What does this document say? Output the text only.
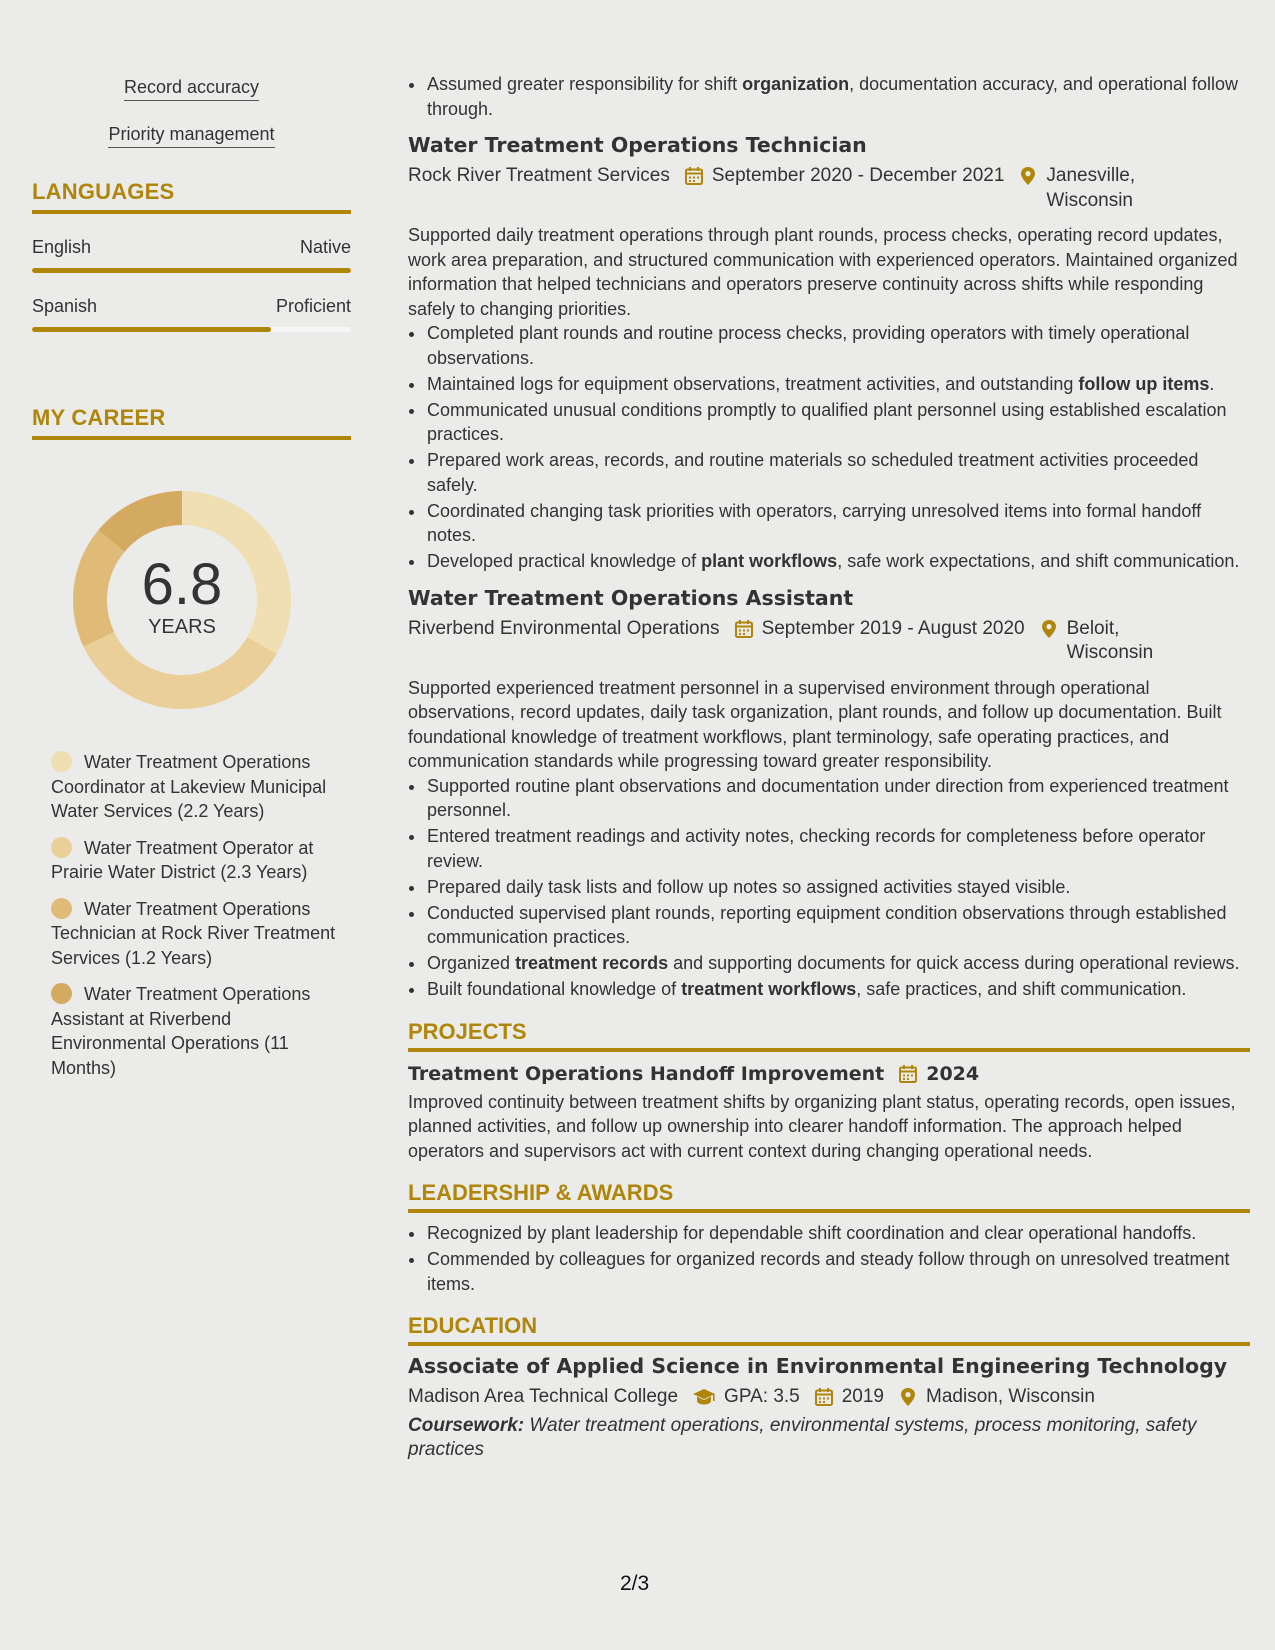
Record accuracy
Priority management
LANGUAGES
English	Native
Spanish	Proficient
MY CAREER
6.8
YEARS
Water Treatment Operations Coordinator at Lakeview Municipal Water Services (2.2 Years)
Water Treatment Operator at Prairie Water District (2.3 Years)
Water Treatment Operations Technician at Rock River Treatment Services (1.2 Years)
Water Treatment Operations Assistant at Riverbend Environmental Operations (11 Months)
• Assumed greater responsibility for shift organization, documentation accuracy, and operational follow through.
Water Treatment Operations Technician
Rock River Treatment Services September 2020 - December 2021 Janesville, Wisconsin
Supported daily treatment operations through plant rounds, process checks, operating record updates, work area preparation, and structured communication with experienced operators. Maintained organized information that helped technicians and operators preserve continuity across shifts while responding safely to changing priorities.
• Completed plant rounds and routine process checks, providing operators with timely operational observations.
• Maintained logs for equipment observations, treatment activities, and outstanding follow up items.
• Communicated unusual conditions promptly to qualified plant personnel using established escalation practices.
• Prepared work areas, records, and routine materials so scheduled treatment activities proceeded safely.
• Coordinated changing task priorities with operators, carrying unresolved items into formal handoff notes.
• Developed practical knowledge of plant workflows, safe work expectations, and shift communication.
Water Treatment Operations Assistant
Riverbend Environmental Operations September 2019 - August 2020 Beloit, Wisconsin
Supported experienced treatment personnel in a supervised environment through operational observations, record updates, daily task organization, plant rounds, and follow up documentation. Built foundational knowledge of treatment workflows, plant terminology, safe operating practices, and communication standards while progressing toward greater responsibility.
• Supported routine plant observations and documentation under direction from experienced treatment personnel.
• Entered treatment readings and activity notes, checking records for completeness before operator review.
• Prepared daily task lists and follow up notes so assigned activities stayed visible.
• Conducted supervised plant rounds, reporting equipment condition observations through established communication practices.
• Organized treatment records and supporting documents for quick access during operational reviews.
• Built foundational knowledge of treatment workflows, safe practices, and shift communication.
PROJECTS
Treatment Operations Handoff Improvement 2024
Improved continuity between treatment shifts by organizing plant status, operating records, open issues, planned activities, and follow up ownership into clearer handoff information. The approach helped operators and supervisors act with current context during changing operational needs.
LEADERSHIP & AWARDS
• Recognized by plant leadership for dependable shift coordination and clear operational handoffs.
• Commended by colleagues for organized records and steady follow through on unresolved treatment items.
EDUCATION
Associate of Applied Science in Environmental Engineering Technology
Madison Area Technical College GPA: 3.5 2019 Madison, Wisconsin
Coursework: Water treatment operations, environmental systems, process monitoring, safety practices
2/3
